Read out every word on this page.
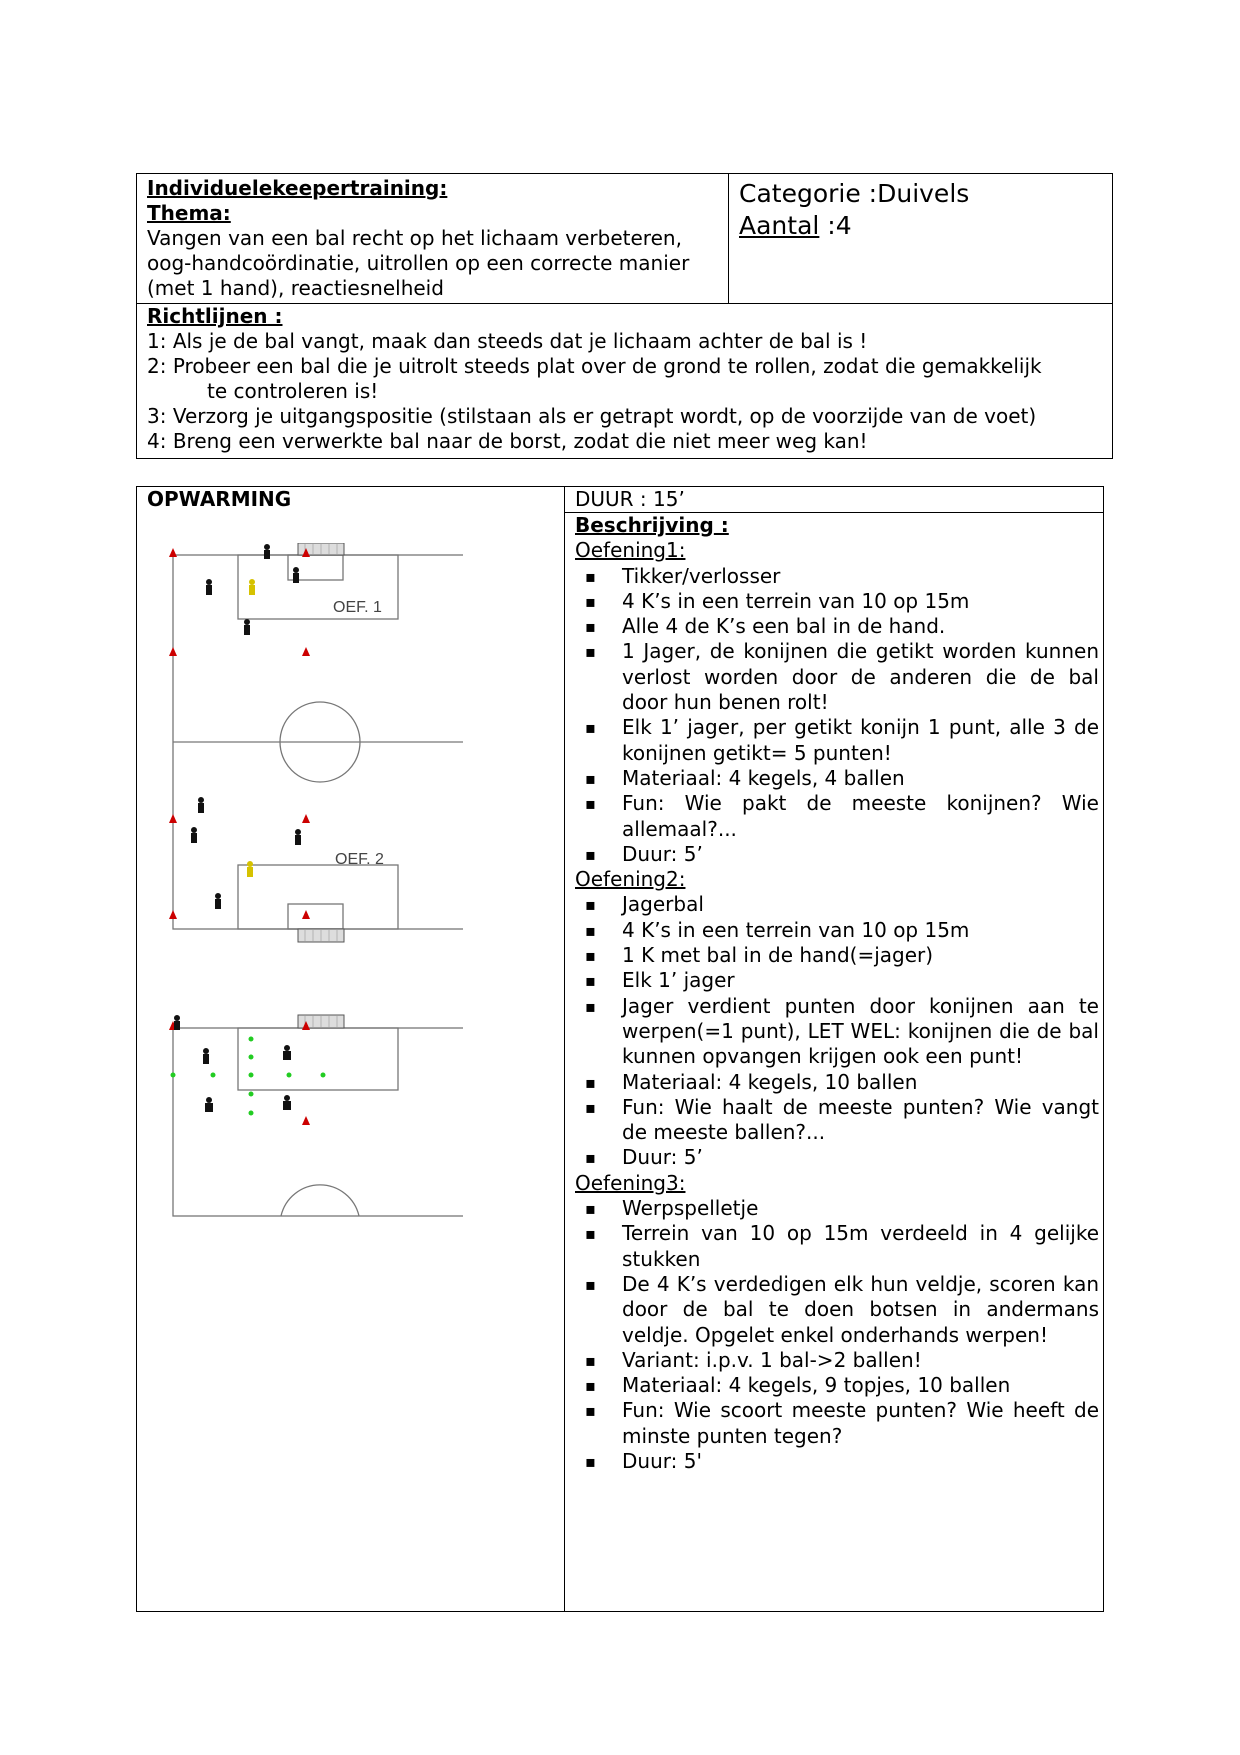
Individuelekeepertraining:
Thema:
Vangen van een bal recht op het lichaam verbeteren, oog-handcoördinatie, uitrollen op een correcte manier (met 1 hand), reactiesnelheid
Categorie :Duivels
Aantal :4
Richtlijnen :
1: Als je de bal vangt, maak dan steeds dat je lichaam achter de bal is !
2: Probeer een bal die je uitrolt steeds plat over de grond te rollen, zodat die gemakkelijk
te controleren is!
3: Verzorg je uitgangspositie (stilstaan als er getrapt wordt, op de voorzijde van de voet)
4: Breng een verwerkte bal naar de borst, zodat die niet meer weg kan!
OPWARMING	DUUR : 15’
OEF. 1
OEF. 2
Beschrijving :
Oefening1:
▪ Tikker/verlosser
▪ 4 K’s in een terrein van 10 op 15m
▪ Alle 4 de K’s een bal in de hand.
▪ 1 Jager, de konijnen die getikt worden kunnen verlost worden door de anderen die de bal door hun benen rolt!
▪ Elk 1’ jager, per getikt konijn 1 punt, alle 3 de konijnen getikt= 5 punten!
▪ Materiaal: 4 kegels, 4 ballen
▪ Fun: Wie pakt de meeste konijnen? Wie allemaal?...
▪ Duur: 5’
Oefening2:
▪ Jagerbal
▪ 4 K’s in een terrein van 10 op 15m
▪ 1 K met bal in de hand(=jager)
▪ Elk 1’ jager
▪ Jager verdient punten door konijnen aan te werpen(=1 punt), LET WEL: konijnen die de bal kunnen opvangen krijgen ook een punt!
▪ Materiaal: 4 kegels, 10 ballen
▪ Fun: Wie haalt de meeste punten? Wie vangt de meeste ballen?...
▪ Duur: 5’
Oefening3:
▪ Werpspelletje
▪ Terrein van 10 op 15m verdeeld in 4 gelijke stukken
▪ De 4 K’s verdedigen elk hun veldje, scoren kan door de bal te doen botsen in andermans veldje. Opgelet enkel onderhands werpen!
▪ Variant: i.p.v. 1 bal->2 ballen!
▪ Materiaal: 4 kegels, 9 topjes, 10 ballen
▪ Fun: Wie scoort meeste punten? Wie heeft de minste punten tegen?
▪ Duur: 5'
